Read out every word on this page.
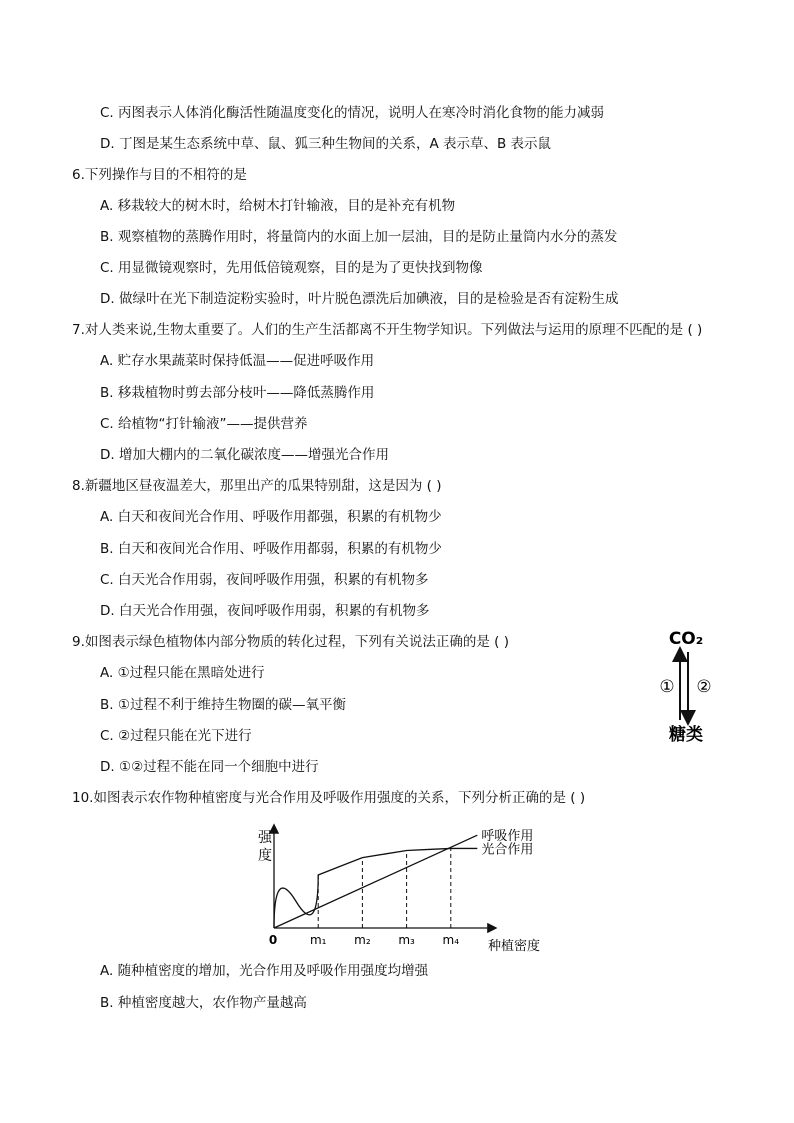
C. 丙图表示人体消化酶活性随温度变化的情况，说明人在寒冷时消化食物的能力减弱
D. 丁图是某生态系统中草、鼠、狐三种生物间的关系，A 表示草、B 表示鼠
6.下列操作与目的不相符的是
A. 移栽较大的树木时，给树木打针输液，目的是补充有机物
B. 观察植物的蒸腾作用时，将量筒内的水面上加一层油，目的是防止量筒内水分的蒸发
C. 用显微镜观察时，先用低倍镜观察，目的是为了更快找到物像
D. 做绿叶在光下制造淀粉实验时，叶片脱色漂洗后加碘液，目的是检验是否有淀粉生成
7.对人类来说,生物太重要了。人们的生产生活都离不开生物学知识。下列做法与运用的原理不匹配的是 ( )
A. 贮存水果蔬菜时保持低温——促进呼吸作用
B. 移栽植物时剪去部分枝叶——降低蒸腾作用
C. 给植物“打针输液”——提供营养
D. 增加大棚内的二氧化碳浓度——增强光合作用
8.新疆地区昼夜温差大，那里出产的瓜果特别甜，这是因为 ( )
A. 白天和夜间光合作用、呼吸作用都强，积累的有机物少
B. 白天和夜间光合作用、呼吸作用都弱，积累的有机物少
C. 白天光合作用弱，夜间呼吸作用强，积累的有机物多
D. 白天光合作用强，夜间呼吸作用弱，积累的有机物多
9.如图表示绿色植物体内部分物质的转化过程，下列有关说法正确的是 ( )
A. ①过程只能在黑暗处进行
B. ①过程不利于维持生物圈的碳—氧平衡
C. ②过程只能在光下进行
D. ①②过程不能在同一个细胞中进行
CO₂
① ②
糖类
10.如图表示农作物种植密度与光合作用及呼吸作用强度的关系，下列分析正确的是 ( )
强
度
种植密度
0
呼吸作用
光合作用
m₁ m₂ m₃ m₄
A. 随种植密度的增加，光合作用及呼吸作用强度均增强
B. 种植密度越大，农作物产量越高
